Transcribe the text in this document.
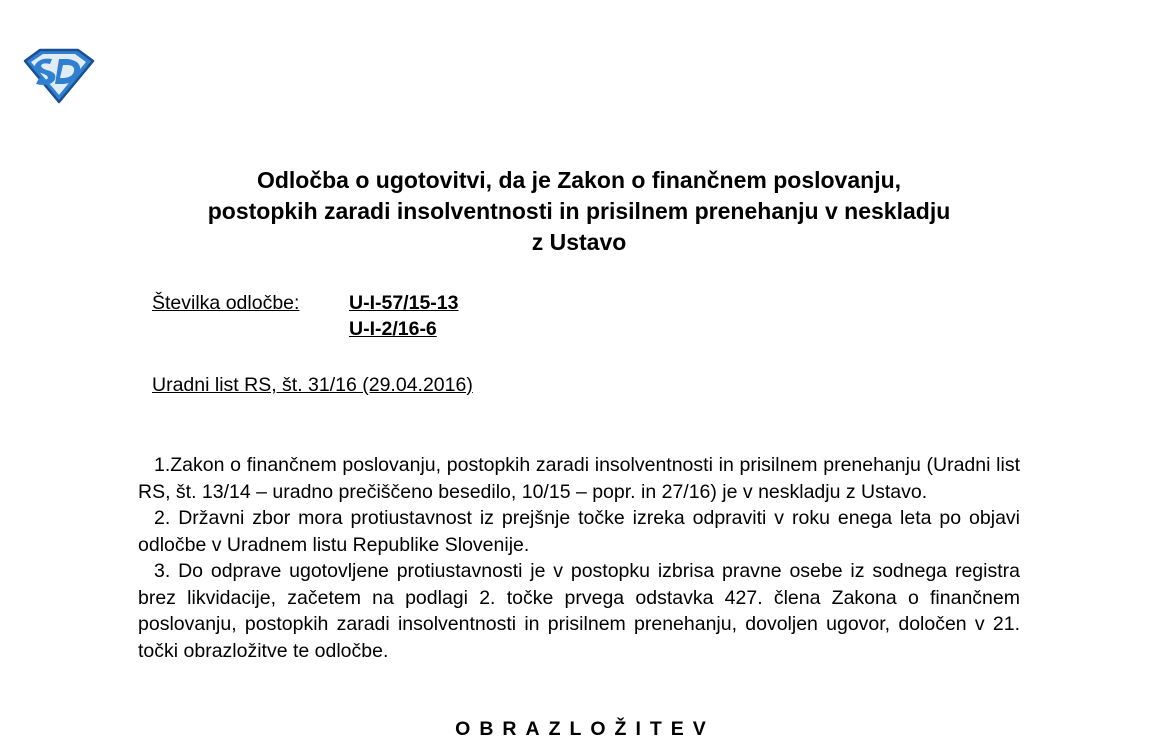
Odločba o ugotovitvi, da je Zakon o finančnem poslovanju,
postopkih zaradi insolventnosti in prisilnem prenehanju v neskladju
z Ustavo
Številka odločbe:	U-I-57/15-13
U-I-2/16-6
Uradni list RS, št. 31/16 (29.04.2016)

1.Zakon o finančnem poslovanju, postopkih zaradi insolventnosti in prisilnem prenehanju (Uradni list RS, št. 13/14 – uradno prečiščeno besedilo, 10/15 – popr. in 27/16) je v neskladju z Ustavo.

2. Državni zbor mora protiustavnost iz prejšnje točke izreka odpraviti v roku enega leta po objavi odločbe v Uradnem listu Republike Slovenije.

3. Do odprave ugotovljene protiustavnosti je v postopku izbrisa pravne osebe iz sodnega registra brez likvidacije, začetem na podlagi 2. točke prvega odstavka 427. člena Zakona o finančnem poslovanju, postopkih zaradi insolventnosti in prisilnem prenehanju, dovoljen ugovor, določen v 21. točki obrazložitve te odločbe.

OBRAZLOŽITEV
